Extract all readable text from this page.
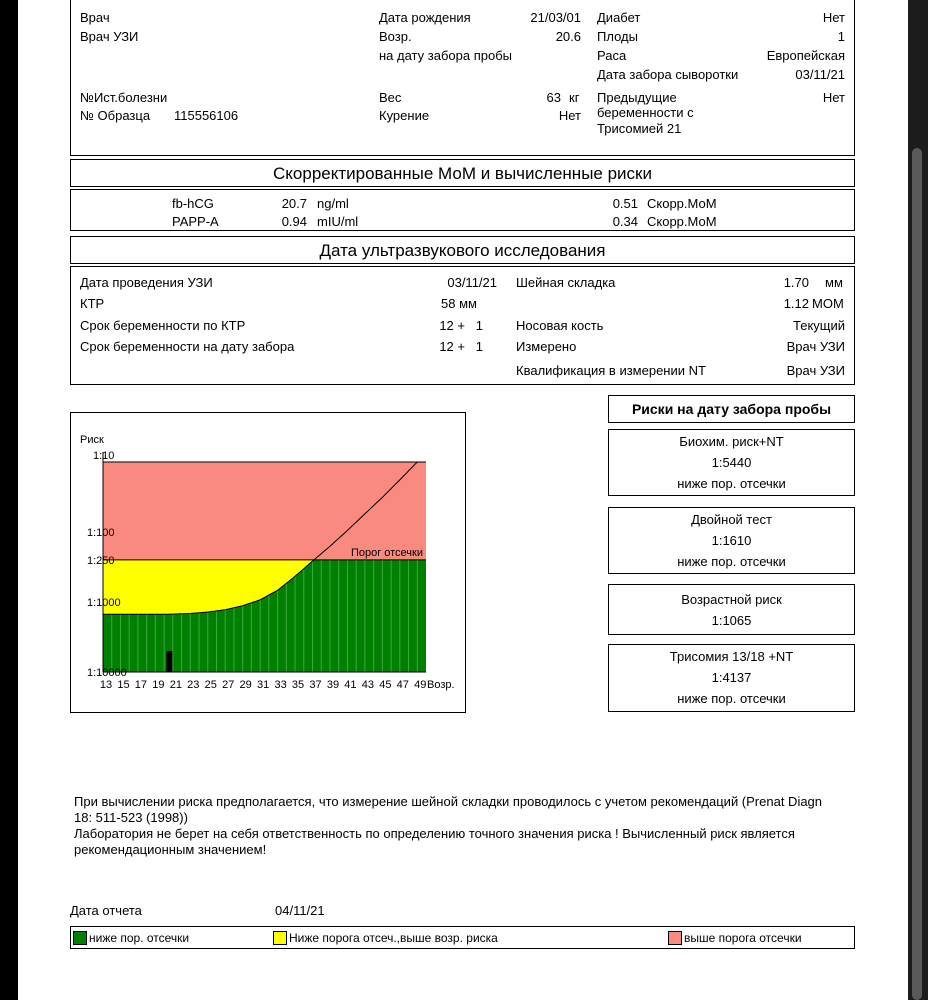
Врач
Врач УЗИ
№Ист.болезни
№ Образца 115556106
Дата рождения	21/03/01
Возр.	20.6
на дату забора пробы
Вес	63 кг
Курение	Нет
Диабет	Нет
Плоды	1
Раса	Европейская
Дата забора сыворотки	03/11/21
Предыдущие
беременности с
Трисомией 21
Нет
Скорректированные МоМ и вычисленные риски
fb-hCG	20.7 ng/ml	0.51 Скорр.МоМ
PAPP-A	0.94 mIU/ml	0.34 Скорр.МоМ
Дата ультразвукового исследования
Дата проведения УЗИ	03/11/21
КТР	58 мм
Срок беременности по КТР	12 + 1
Срок беременности на дату забора	12 + 1
Шейная складка	1.70 мм
1.12 MOM
Носовая кость	Текущий
Измерено	Врач УЗИ
Квалификация в измерении NT	Врач УЗИ
1:10
1:100
1:250
1:1000
1:10000
13 15 17 19 21 23 25 27 29 31 33 35 37 39 41 43 45 47 49 Возр.
Порог отсечки
Риск
Риски на дату забора пробы
Биохим. риск+NT
1:5440
ниже пор. отсечки
Двойной тест
1:1610
ниже пор. отсечки
Возрастной риск
1:1065
Трисомия 13/18 +NT
1:4137
ниже пор. отсечки
При вычислении риска предполагается, что измерение шейной складки проводилось с учетом рекомендаций (Prenat Diagn
18: 511-523 (1998))
Лаборатория не берет на себя ответственность по определению точного значения риска ! Вычисленный риск является
рекомендационным значением!
Дата отчета	04/11/21
ниже пор. отсечки	Ниже порога отсеч.,выше возр. риска	выше порога отсечки
